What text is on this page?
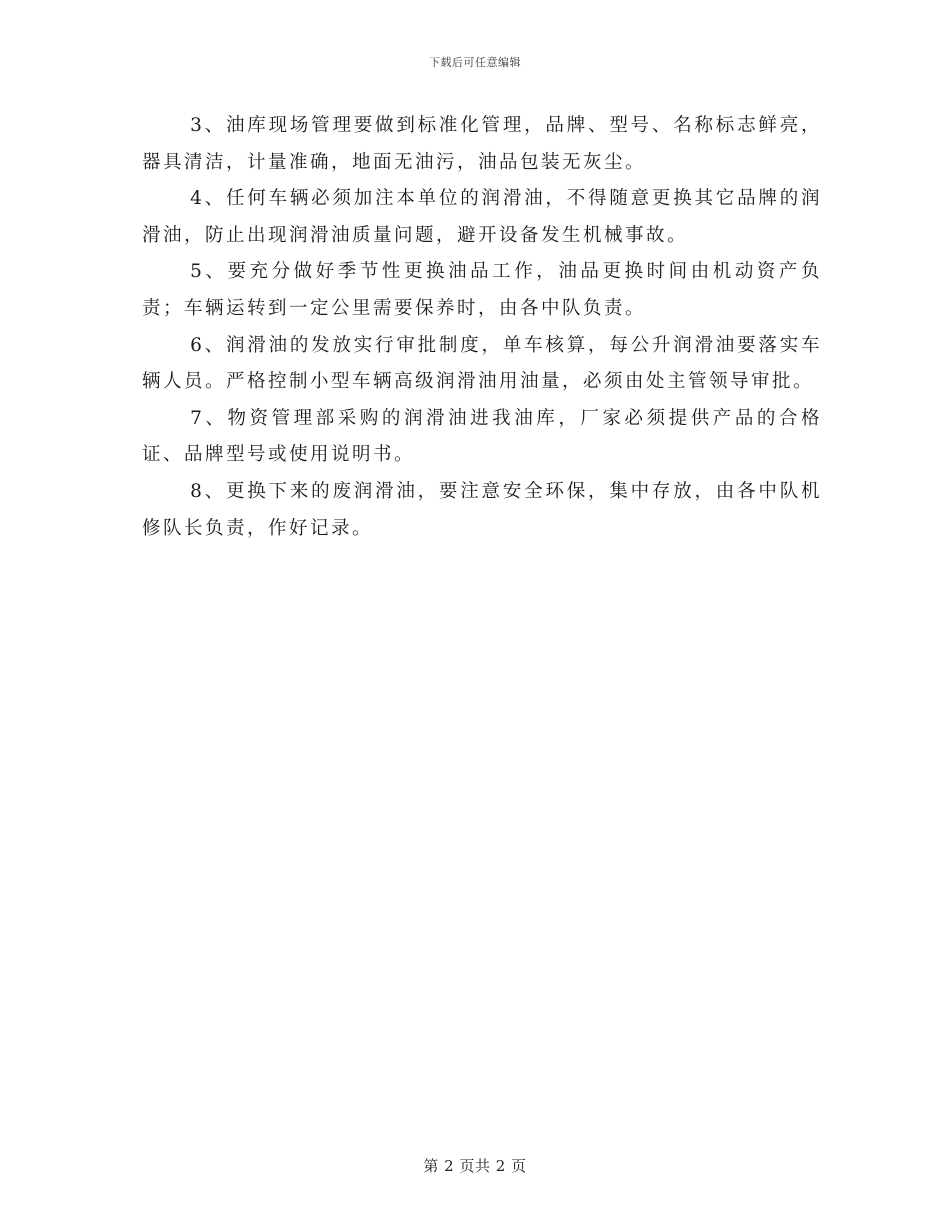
下载后可任意编辑

3、油库现场管理要做到标准化管理，品牌、型号、名称标志鲜亮，器具清洁，计量准确，地面无油污，油品包装无灰尘。

4、任何车辆必须加注本单位的润滑油，不得随意更换其它品牌的润滑油，防止出现润滑油质量问题，避开设备发生机械事故。

5、要充分做好季节性更换油品工作，油品更换时间由机动资产负责；车辆运转到一定公里需要保养时，由各中队负责。

6、润滑油的发放实行审批制度，单车核算，每公升润滑油要落实车辆人员。严格控制小型车辆高级润滑油用油量，必须由处主管领导审批。

7、物资管理部采购的润滑油进我油库，厂家必须提供产品的合格证、品牌型号或使用说明书。

8、更换下来的废润滑油，要注意安全环保，集中存放，由各中队机修队长负责，作好记录。

第 2 页共 2 页
